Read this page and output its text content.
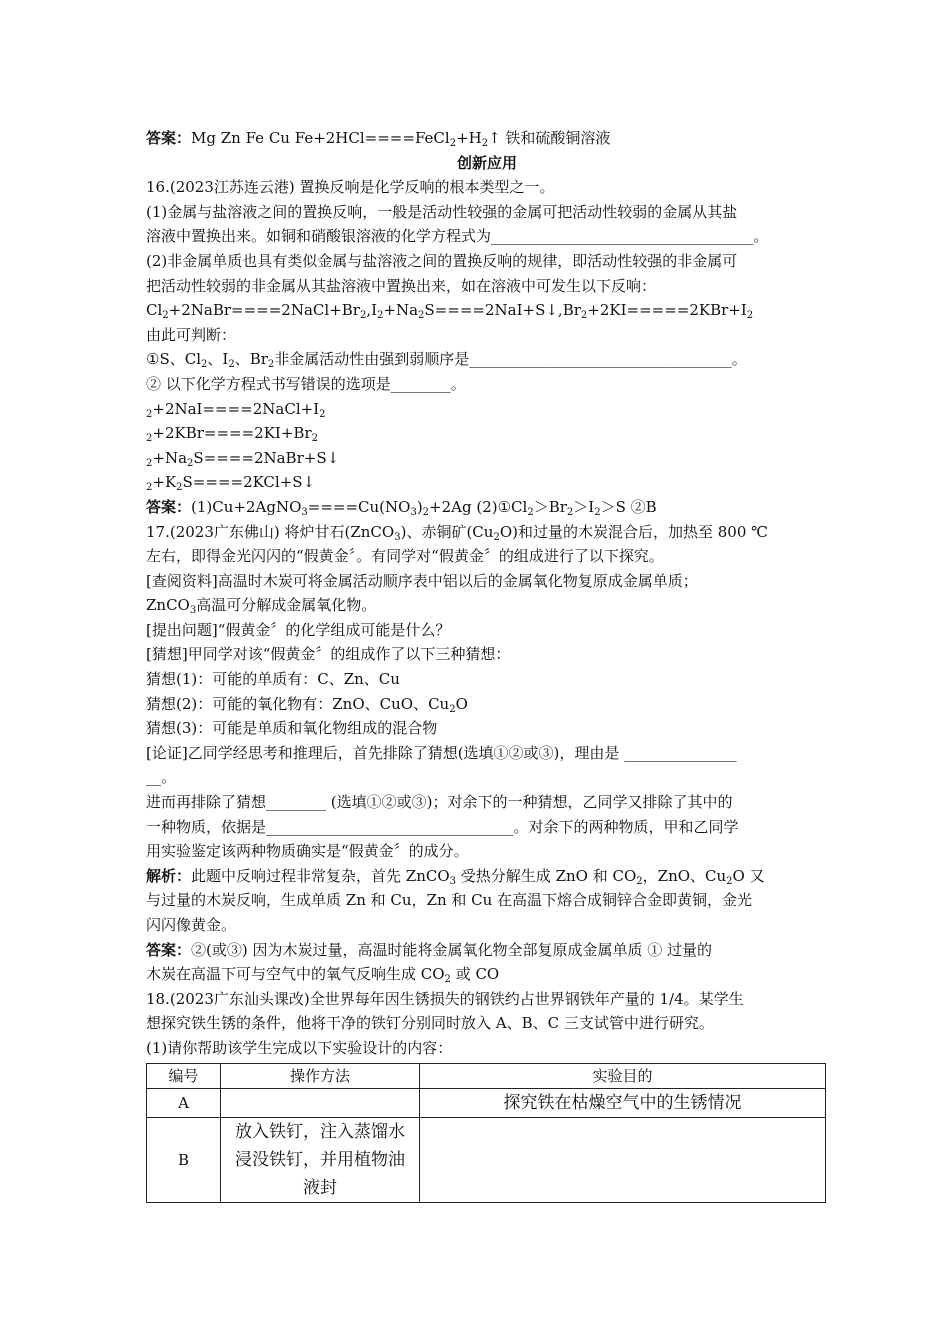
答案：Mg Zn Fe Cu $Fe+2HCl====FeCl_2+H_2↑$ 铁和硫酸铜溶液
创新应用
16.(2023江苏连云港) 置换反响是化学反响的根本类型之一。
(1)金属与盐溶液之间的置换反响，一般是活动性较强的金属可把活动性较弱的金属从其盐
溶液中置换出来。如铜和硝酸银溶液的化学方程式为___________________________________。
(2)非金属单质也具有类似金属与盐溶液之间的置换反响的规律，即活动性较强的非金属可
把活动性较弱的非金属从其盐溶液中置换出来，如在溶液中可发生以下反响：
$Cl_2+2NaBr====2NaCl+Br_2,I_2+Na_2S====2NaI+S↓,Br_2+2KI=====2KBr+I_2$
由此可判断：
①S、$Cl_2$、$I_2$、$Br_2$非金属活动性由强到弱顺序是___________________________________。
② 以下化学方程式书写错误的选项是________。
$_2+2NaI====2NaCl+I_2$
$_2+2KBr====2KI+Br_2$
$_2+Na_2S====2NaBr+S↓$
$_2+K_2S====2KCl+S↓$
答案：$(1)Cu+2AgNO_3====Cu(NO_3)_2+2Ag$ $(2)①Cl_2>Br_2>I_2>S$ ②B
17.(2023广东佛山) 将炉甘石(ZnCO$_3$)、赤铜矿$(Cu_2O)$和过量的木炭混合后，加热至 800 ℃
左右，即得金光闪闪的“假黄金〞。有同学对“假黄金〞的组成进行了以下探究。
[查阅资料]高温时木炭可将金属活动顺序表中铝以后的金属氧化物复原成金属单质；
ZnCO$_3$高温可分解成金属氧化物。
[提出问题]“假黄金〞的化学组成可能是什么？
[猜想]甲同学对该“假黄金〞的组成作了以下三种猜想：
猜想(1)：可能的单质有：C、Zn、Cu
猜想(2)：可能的氧化物有：ZnO、CuO、$Cu_2O$
猜想(3)：可能是单质和氧化物组成的混合物
[论证]乙同学经思考和推理后，首先排除了猜想(选填①②或③)，理由是 _______________
__。
进而再排除了猜想________ (选填①②或③)；对余下的一种猜想，乙同学又排除了其中的
一种物质，依据是_________________________________。对余下的两种物质，甲和乙同学
用实验鉴定该两种物质确实是“假黄金〞的成分。
解析：此题中反响过程非常复杂，首先 ZnCO$_3$ 受热分解生成 ZnO 和 $CO_2$，ZnO、$Cu_2O$ 又
与过量的木炭反响，生成单质 Zn 和 Cu，Zn 和 Cu 在高温下熔合成铜锌合金即黄铜，金光
闪闪像黄金。
答案：②(或③) 因为木炭过量，高温时能将金属氧化物全部复原成金属单质 ① 过量的
木炭在高温下可与空气中的氧气反响生成 $CO_2$ 或 CO
18.(2023广东汕头课改)全世界每年因生锈损失的钢铁约占世界钢铁年产量的 1/4。某学生
想探究铁生锈的条件，他将干净的铁钉分别同时放入 A、B、C 三支试管中进行研究。
(1)请你帮助该学生完成以下实验设计的内容：
编号	操作方法	实验目的
A		探究铁在枯燥空气中的生锈情况
B	放入铁钉，注入蒸馏水浸没铁钉，并用植物油液封	
